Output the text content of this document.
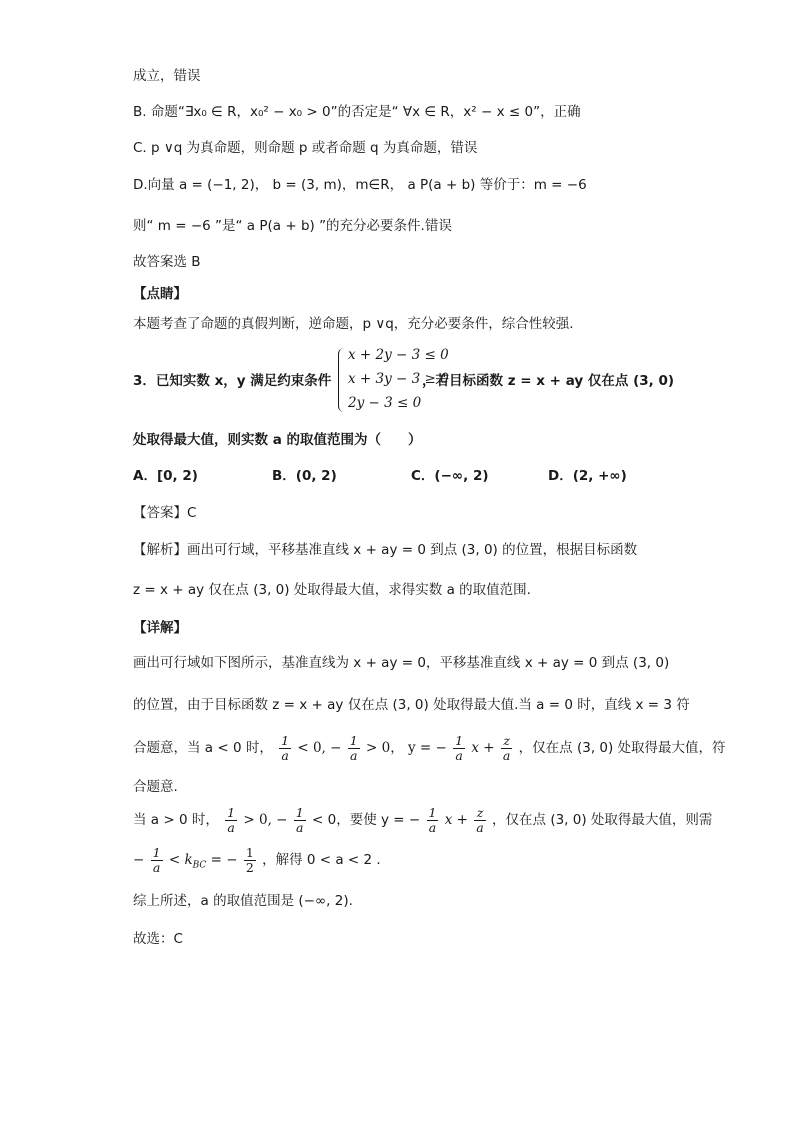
成立，错误
B. 命题“∃x₀ ∈ R，x₀² − x₀ > 0”的否定是“ ∀x ∈ R，x² − x ≤ 0”，正确
C. p ∨q 为真命题，则命题 p 或者命题 q 为真命题，错误
D.向量 a = (−1, 2)， b = (3, m)，m∈R， a P(a + b) 等价于：m = −6
则“ m = −6 ”是“ a P(a + b) ”的充分必要条件.错误
故答案选 B
【点睛】
本题考查了命题的真假判断，逆命题，p ∨q，充分必要条件，综合性较强.
3．已知实数 x，y 满足约束条件
x + 2y − 3 ≤ 0
x + 3y − 3 ≥ 0
2y − 3 ≤ 0
，若目标函数 z = x + ay 仅在点 (3, 0)
处取得最大值，则实数 a 的取值范围为（　　）
A．[0, 2)	B．(0, 2)	C．(−∞, 2)	D．(2, +∞)
【答案】C
【解析】画出可行域，平移基准直线 x + ay = 0 到点 (3, 0) 的位置，根据目标函数
z = x + ay 仅在点 (3, 0) 处取得最大值，求得实数 a 的取值范围.
【详解】
画出可行域如下图所示，基准直线为 x + ay = 0，平移基准直线 x + ay = 0 到点 (3, 0)
的位置，由于目标函数 z = x + ay 仅在点 (3, 0) 处取得最大值.当 a = 0 时，直线 x = 3 符
合题意，当 a < 0 时， $\frac{1}{a} < 0$, − $\frac{1}{a} > 0$， y = − $\frac{1}{a}$ $x + \frac{z}{a}$ ，仅在点 (3, 0) 处取得最大值，符
合题意.
当 a > 0 时， $\frac{1}{a} > 0$, − $\frac{1}{a} < 0$，要使 y = − $\frac{1}{a}$ $x + \frac{z}{a}$ ，仅在点 (3, 0) 处取得最大值，则需
− $\frac{1}{a} < k_{BC}$ = − $\frac{1}{2}$ ，解得 0 < a < 2 .
综上所述，a 的取值范围是 (−∞, 2).
故选：C
